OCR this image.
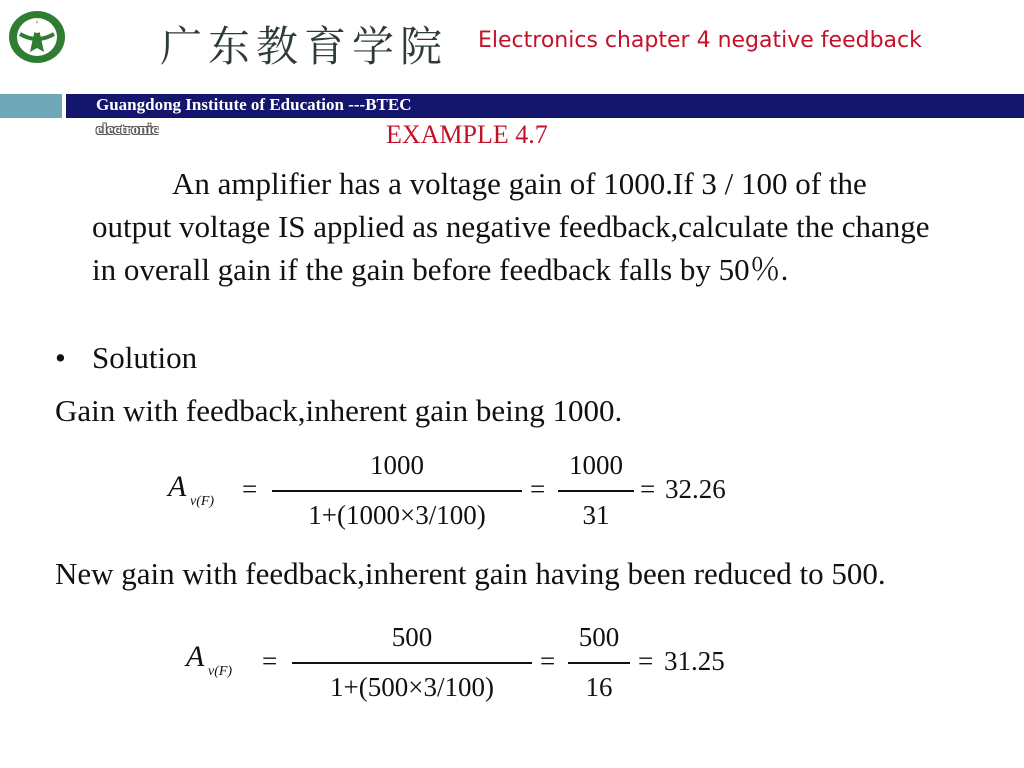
广东教育学院 Electronics chapter 4 negative feedback
Guangdong Institute of Education ---BTEC
electronic	EXAMPLE 4.7
An amplifier has a voltage gain of 1000.If 3 / 100 of the output voltage IS applied as negative feedback,calculate the change in overall gain if the gain before feedback falls by 50％.
• Solution
Gain with feedback,inherent gain being 1000.
A v(F) =
1000
1+(1000×3/100)
=
1000
31
= 32.26
New gain with feedback,inherent gain having been reduced to 500.
A v(F) =
500
1+(500×3/100)
=
500
16
= 31.25
